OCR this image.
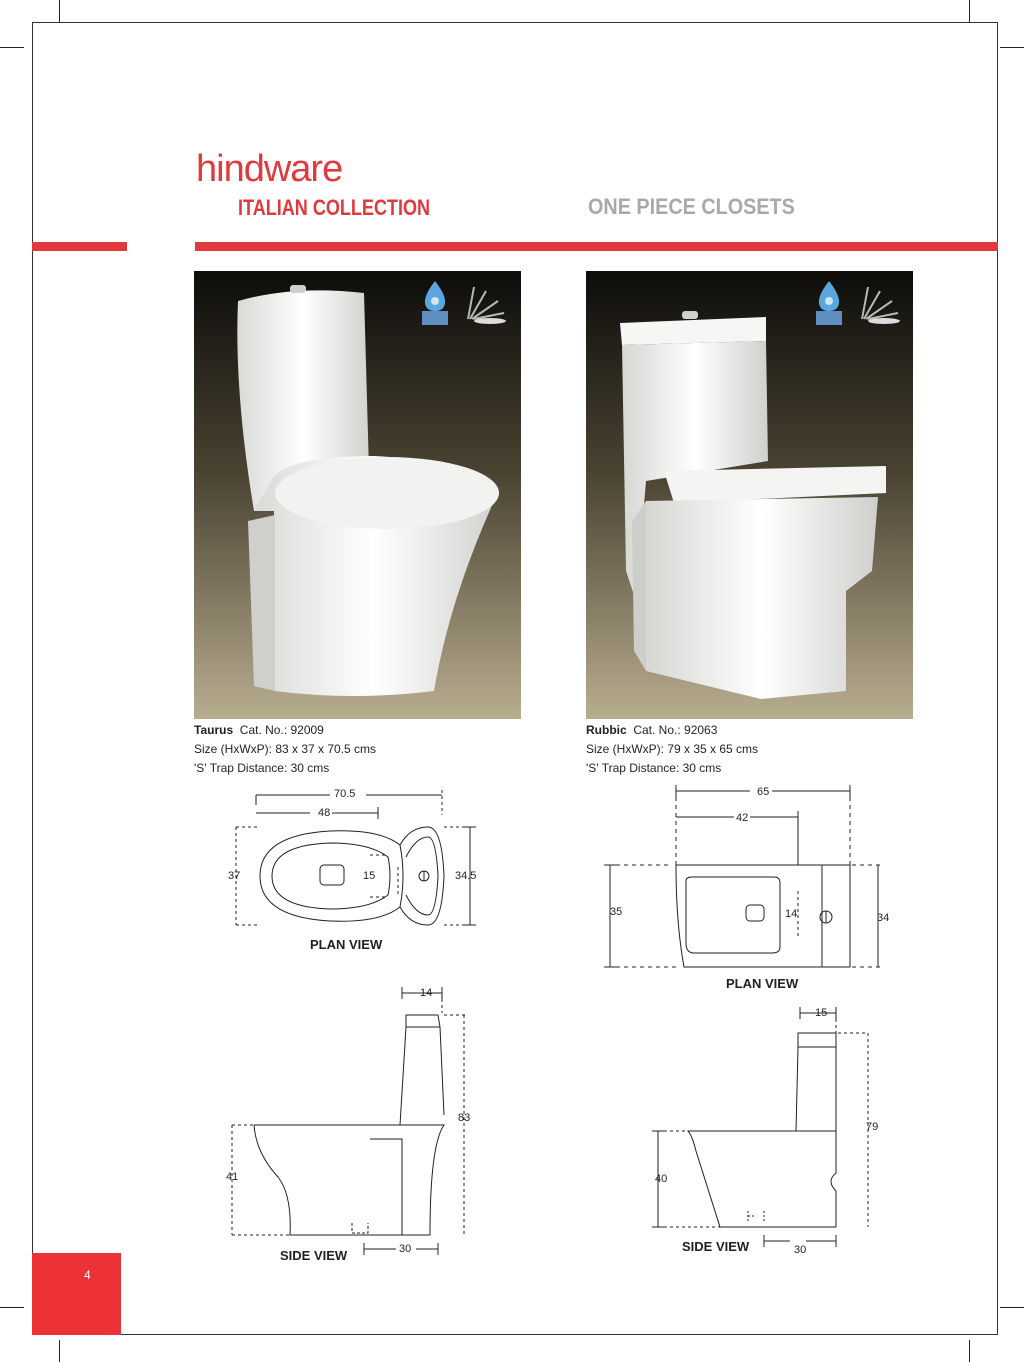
hindware
ITALIAN COLLECTION	ONE PIECE CLOSETS
Taurus Cat. No.: 92009
Size (HxWxP): 83 x 37 x 70.5 cms
'S' Trap Distance: 30 cms
Rubbic Cat. No.: 92063
Size (HxWxP): 79 x 35 x 65 cms
'S' Trap Distance: 30 cms
70.5
48
37	15	34.5
PLAN VIEW
14
83
41
30
SIDE VIEW
65
42
35	14	34
PLAN VIEW
15
79
40
30
SIDE VIEW
4
